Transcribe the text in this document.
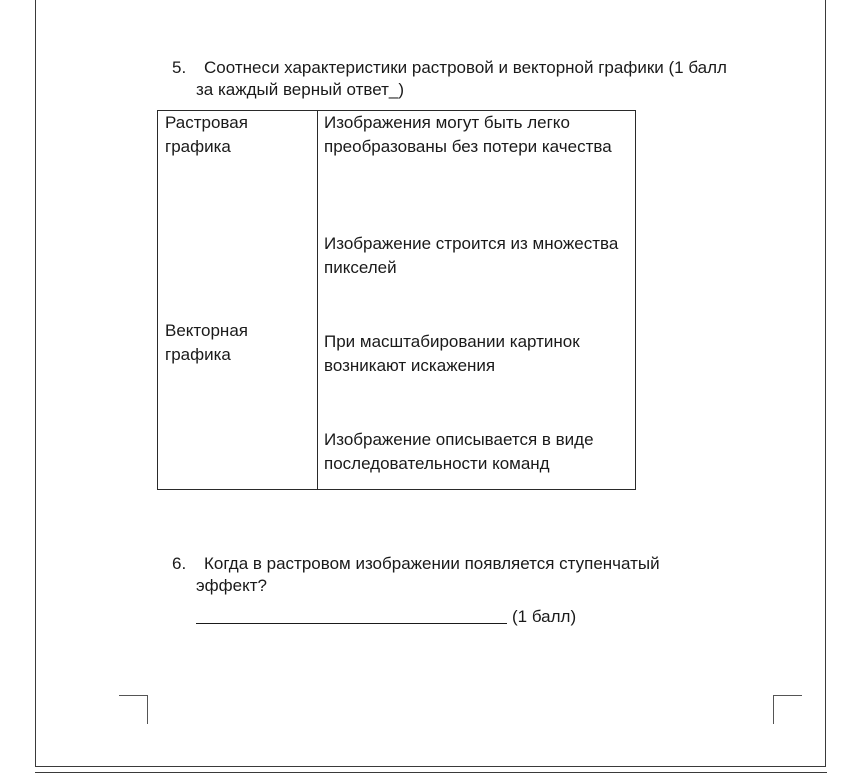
5. Соотнеси характеристики растровой и векторной графики (1 балл
за каждый верный ответ_)
Растровая графика
Векторная графика
Изображения могут быть легко преобразованы без потери качества
Изображение строится из множества пикселей
При масштабировании картинок возникают искажения
Изображение описывается в виде последовательности команд
6. Когда в растровом изображении появляется ступенчатый
эффект?
(1 балл)
